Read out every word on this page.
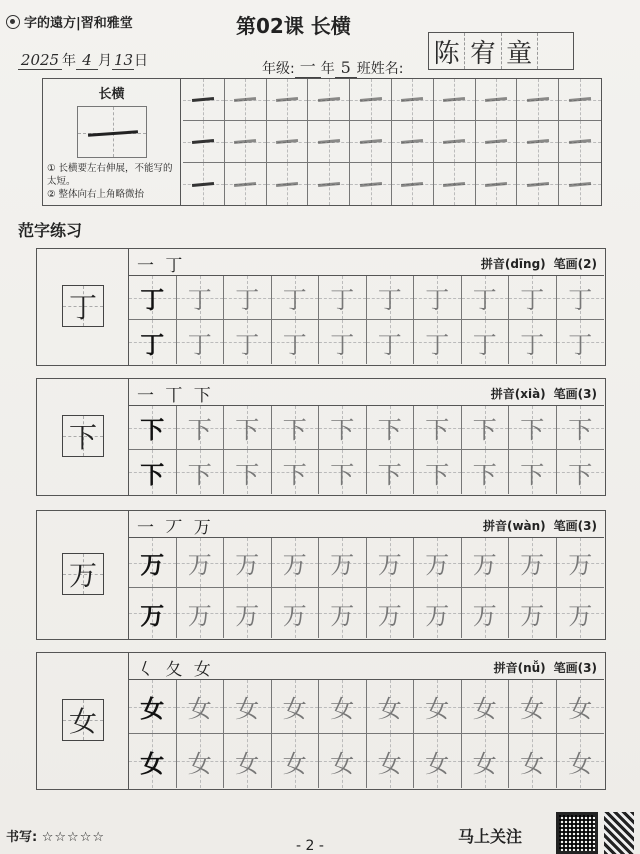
字的遠方|習和雅堂	第02课 长横
2025 年 4 月 13 日	年级: 一 年 5 班 姓名:
陈 宥 童
长横
① 长横要左右伸展，不能写的太短。
② 整体向右上角略微抬
范字练习
丁
一 丁	拼音(dīng) 笔画(2)
丁 丁 丁 丁 丁 丁 丁 丁 丁 丁
丁 丁 丁 丁 丁 丁 丁 丁 丁 丁
下
一 丅 下	拼音(xià) 笔画(3)
下 下 下 下 下 下 下 下 下 下
下 下 下 下 下 下 下 下 下 下
万
一 丆 万	拼音(wàn) 笔画(3)
万 万 万 万 万 万 万 万 万 万
万 万 万 万 万 万 万 万 万 万
女
𡿨 夂 女	拼音(nǚ) 笔画(3)
女 女 女 女 女 女 女 女 女 女
女 女 女 女 女 女 女 女 女 女
书写: ☆☆☆☆☆
- 2 -	马上关注
